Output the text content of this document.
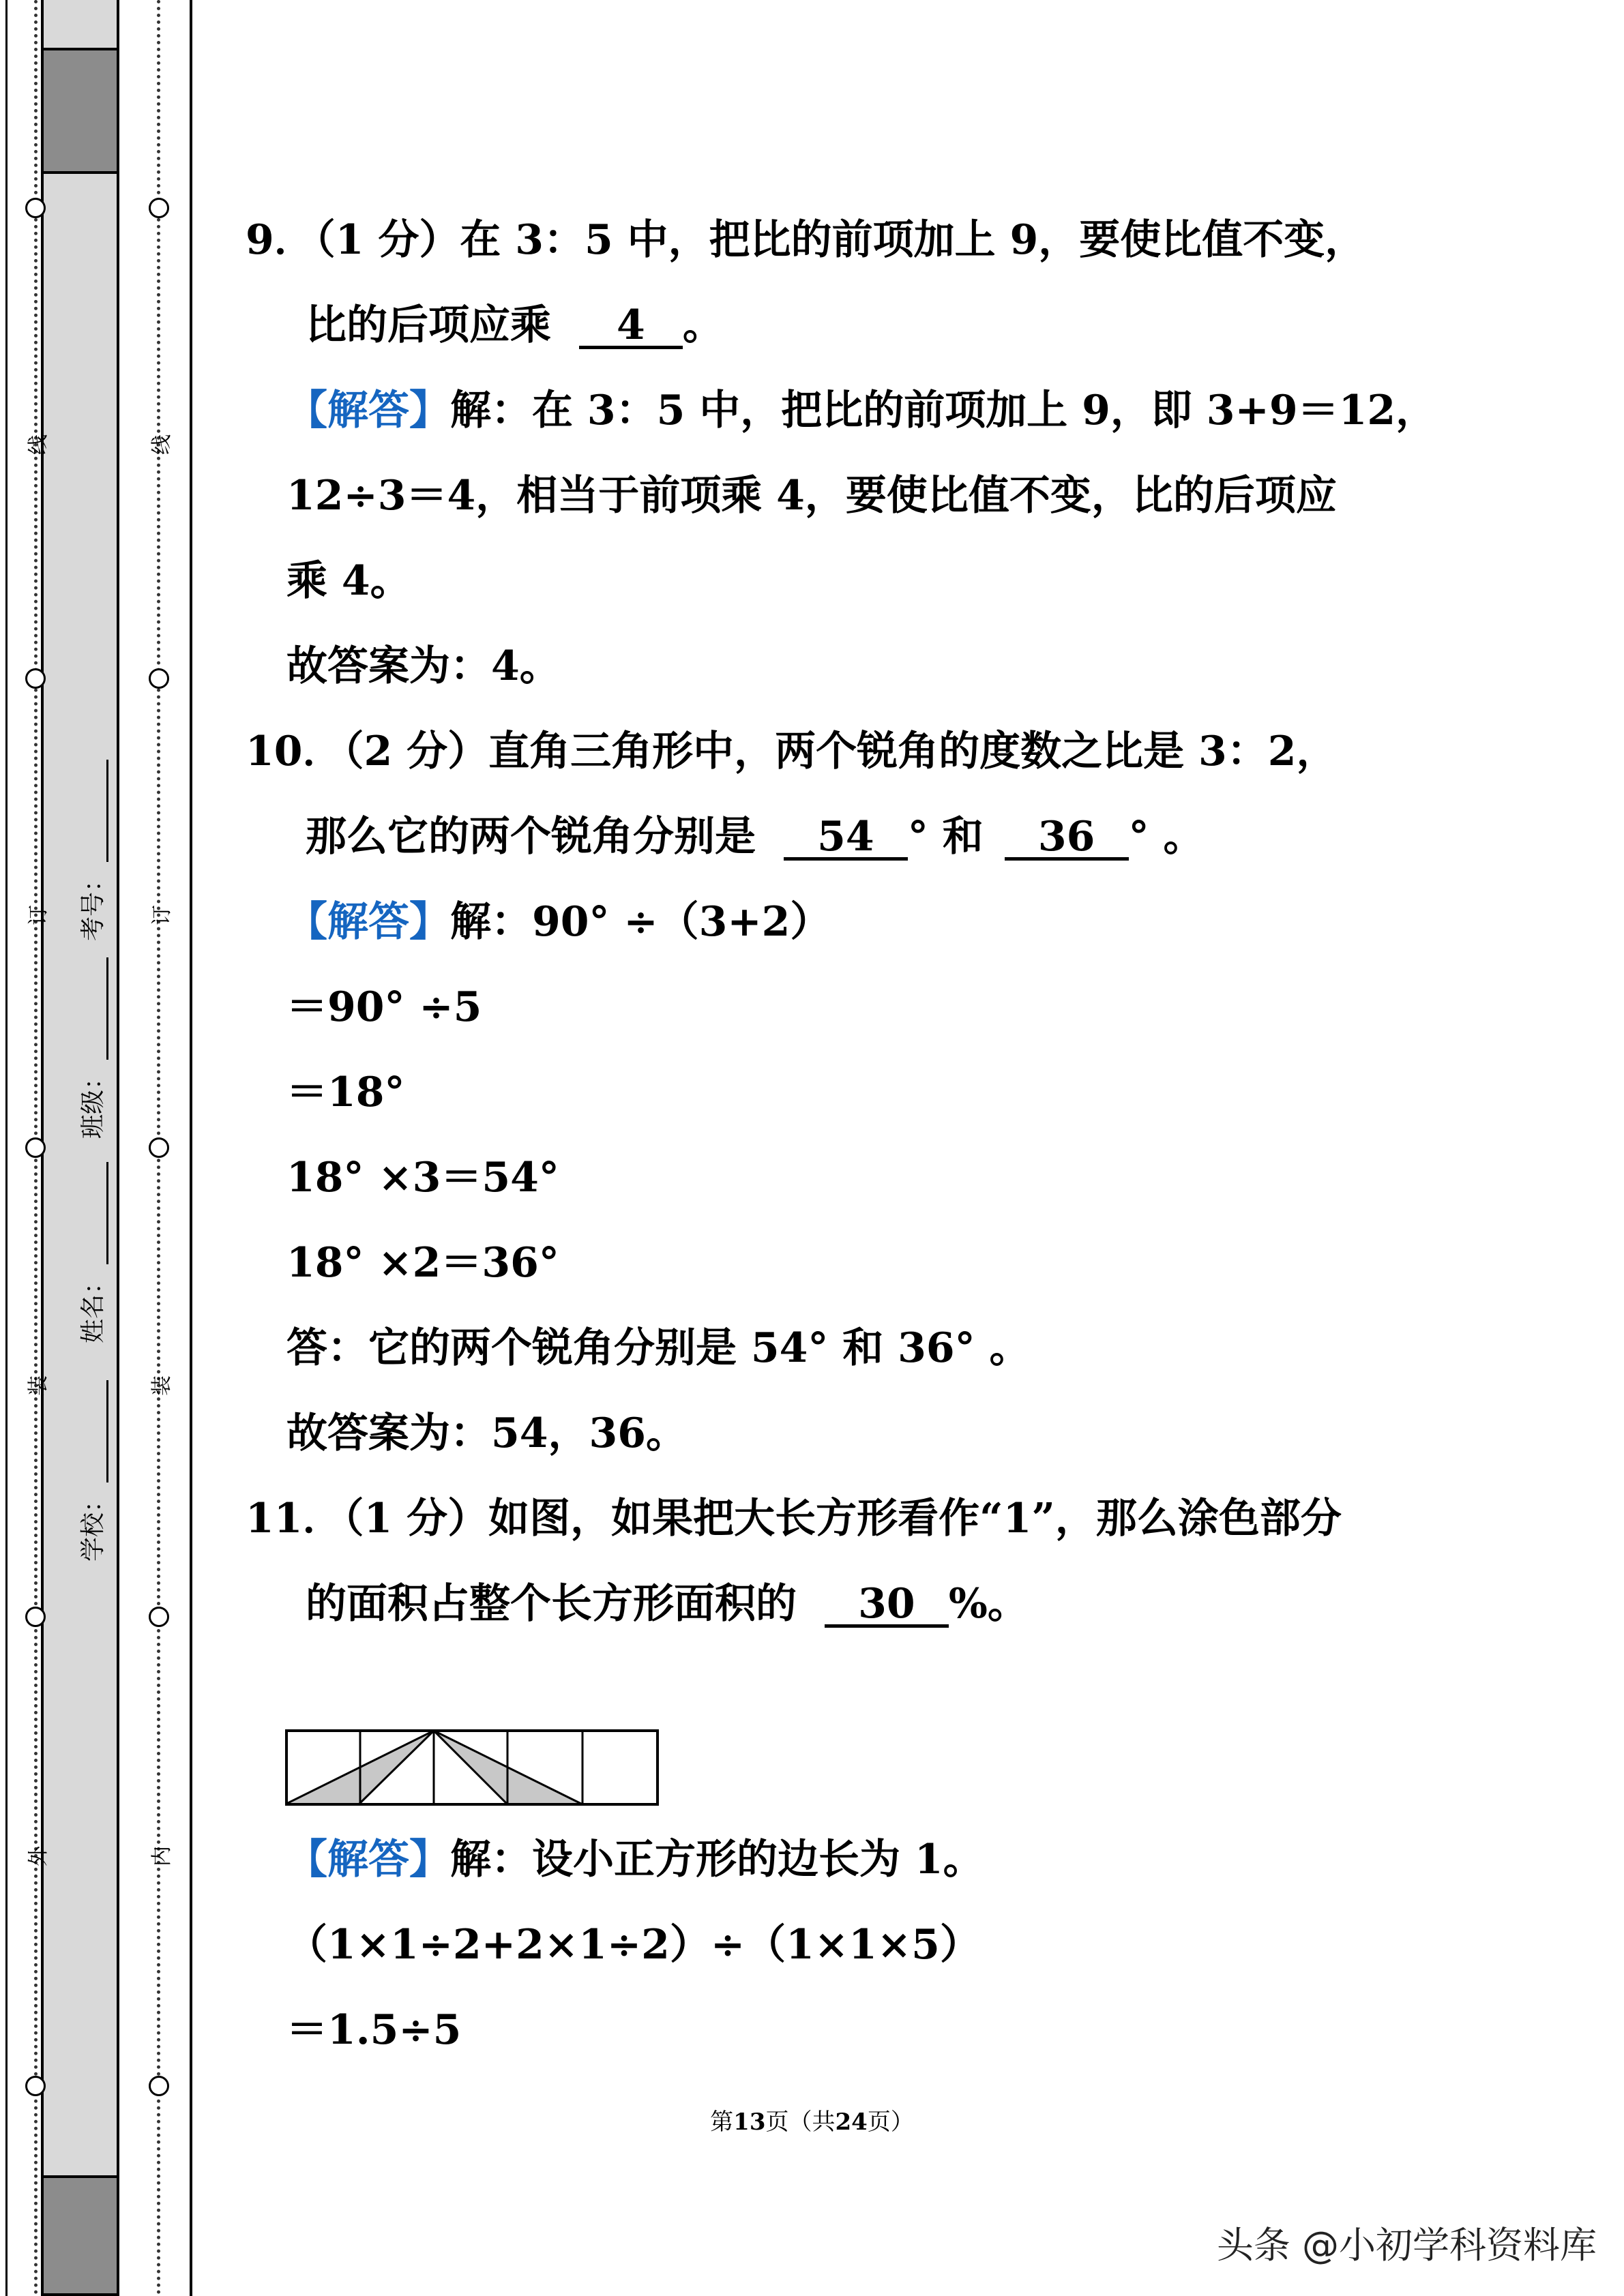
线
订
装
外
线
订
装
内
学校：
姓名：
班级：
考号：
9．（1 分）在 3：5 中，把比的前项加上 9，要使比值不变，
比的后项应乘 4 。
【解答】解：在 3：5 中，把比的前项加上 9，即 3+9＝12，
12÷3＝4，相当于前项乘 4，要使比值不变，比的后项应
乘 4。
故答案为：4。
10．（2 分）直角三角形中，两个锐角的度数之比是 3：2，
那么它的两个锐角分别是 54 ° 和 36 ° 。
【解答】解：90° ÷（3+2）
＝90° ÷5
＝18°
18° ×3＝54°
18° ×2＝36°
答：它的两个锐角分别是 54° 和 36° 。
故答案为：54，36。
11．（1 分）如图，如果把大长方形看作“1”，那么涂色部分
的面积占整个长方形面积的 30 %。
【解答】解：设小正方形的边长为 1。
（1×1÷2+2×1÷2）÷（1×1×5）
＝1.5÷5
第13页（共24页）
头条 @小初学科资料库
